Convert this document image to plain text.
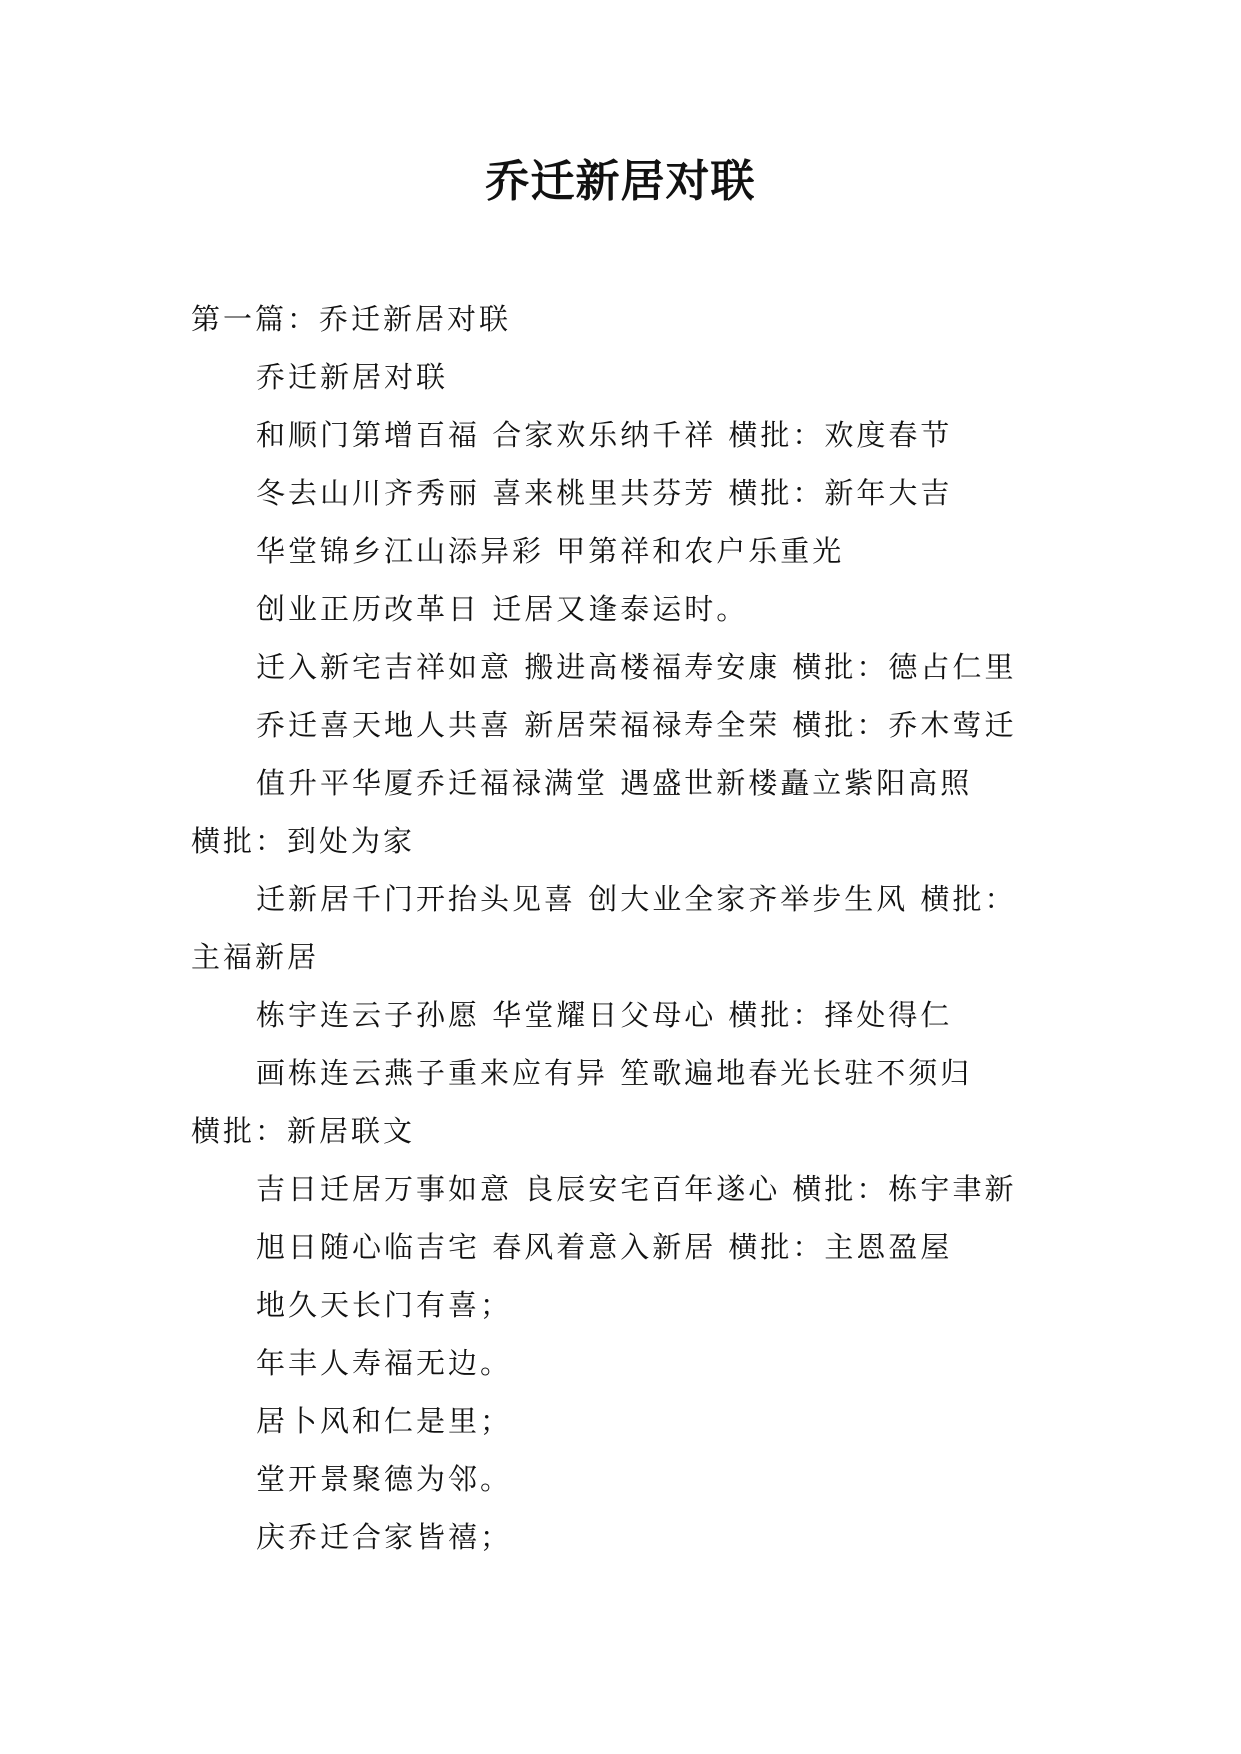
乔迁新居对联
第一篇：乔迁新居对联
乔迁新居对联
和顺门第增百福 合家欢乐纳千祥 横批：欢度春节
冬去山川齐秀丽 喜来桃里共芬芳 横批：新年大吉
华堂锦乡江山添异彩 甲第祥和农户乐重光
创业正历改革日 迁居又逢泰运时。
迁入新宅吉祥如意 搬进高楼福寿安康 横批：德占仁里
乔迁喜天地人共喜 新居荣福禄寿全荣 横批：乔木莺迁
值升平华厦乔迁福禄满堂 遇盛世新楼矗立紫阳高照
横批：到处为家
迁新居千门开抬头见喜 创大业全家齐举步生风 横批：
主福新居
栋宇连云子孙愿 华堂耀日父母心 横批：择处得仁
画栋连云燕子重来应有异 笙歌遍地春光长驻不须归
横批：新居联文
吉日迁居万事如意 良辰安宅百年遂心 横批：栋宇聿新
旭日随心临吉宅 春风着意入新居 横批：主恩盈屋
地久天长门有喜；
年丰人寿福无边。
居卜风和仁是里；
堂开景聚德为邻。
庆乔迁合家皆禧；
